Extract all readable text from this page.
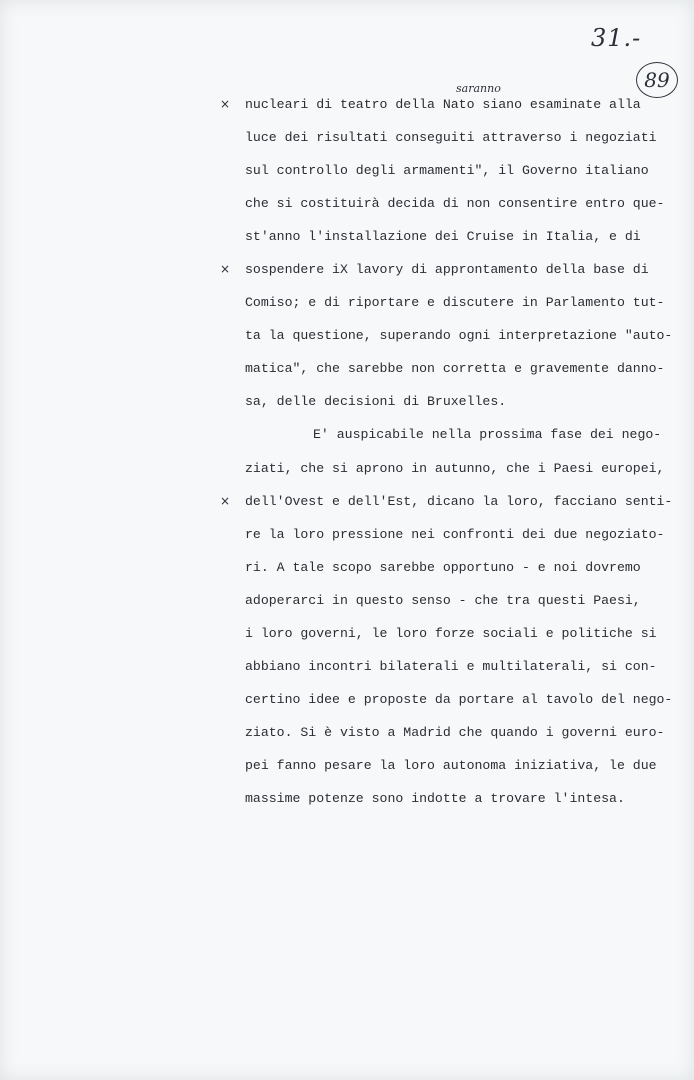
31.-
89
saranno
×
×
×
nucleari di teatro della Nato siano esaminate alla
luce dei risultati conseguiti attraverso i negoziati
sul controllo degli armamenti", il Governo italiano
che si costituirà decida di non consentire entro que-
st'anno l'installazione dei Cruise in Italia, e di
sospendere iX lavory di approntamento della base di
Comiso; e di riportare e discutere in Parlamento tut-
ta la questione, superando ogni interpretazione "auto-
matica", che sarebbe non corretta e gravemente danno-
sa, delle decisioni di Bruxelles.
E' auspicabile nella prossima fase dei nego-
ziati, che si aprono in autunno, che i Paesi europei,
dell'Ovest e dell'Est, dicano la loro, facciano senti-
re la loro pressione nei confronti dei due negoziato-
ri. A tale scopo sarebbe opportuno - e noi dovremo
adoperarci in questo senso - che tra questi Paesi,
i loro governi, le loro forze sociali e politiche si
abbiano incontri bilaterali e multilaterali, si con-
certino idee e proposte da portare al tavolo del nego-
ziato. Si è visto a Madrid che quando i governi euro-
pei fanno pesare la loro autonoma iniziativa, le due
massime potenze sono indotte a trovare l'intesa.
